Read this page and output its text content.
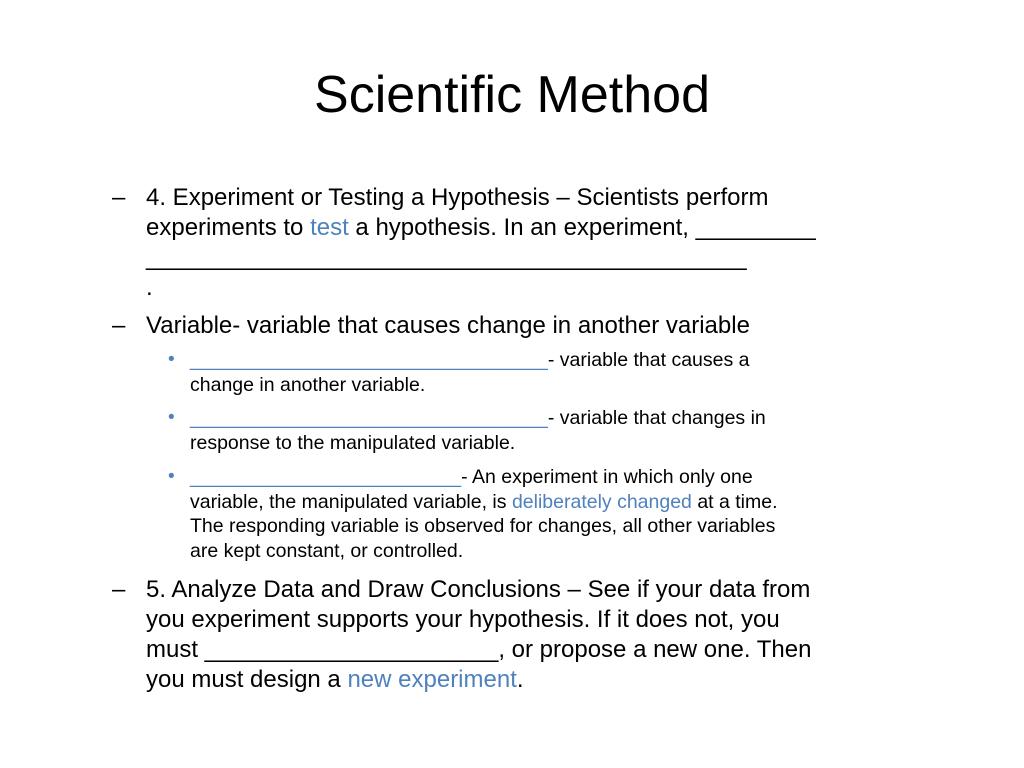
Scientific Method
– 4. Experiment or Testing a Hypothesis – Scientists perform
experiments to test a hypothesis. In an experiment, _________
_____________________________________________
.
– Variable- variable that causes change in another variable
• _________________________________- variable that causes a
change in another variable.
• _________________________________- variable that changes in
response to the manipulated variable.
• _________________________- An experiment in which only one
variable, the manipulated variable, is deliberately changed at a time.
The responding variable is observed for changes, all other variables
are kept constant, or controlled.
– 5. Analyze Data and Draw Conclusions – See if your data from
you experiment supports your hypothesis. If it does not, you
must ______________________, or propose a new one. Then
you must design a new experiment.
